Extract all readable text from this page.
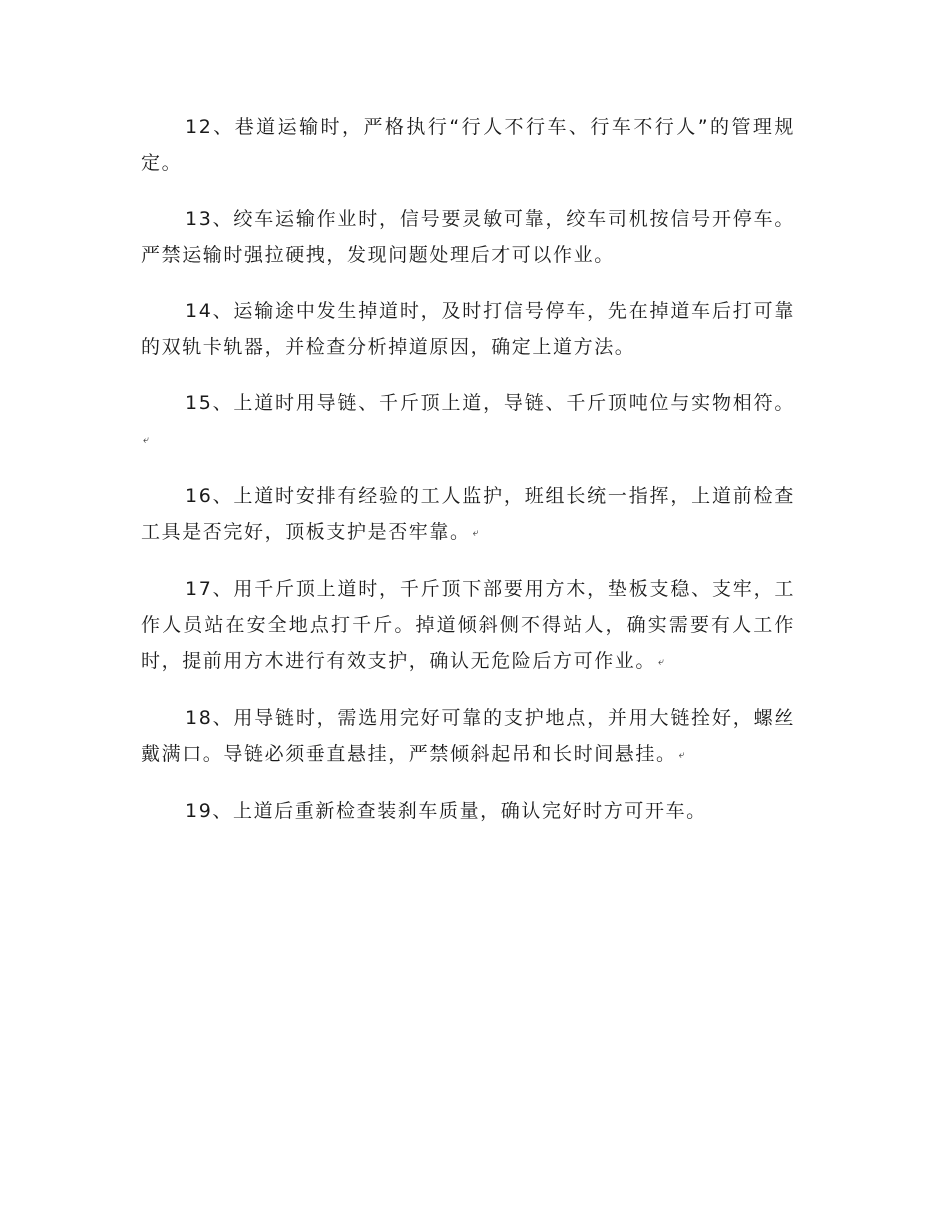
12、巷道运输时，严格执行“行人不行车、行车不行人”的管理规定。

13、绞车运输作业时，信号要灵敏可靠，绞车司机按信号开停车。严禁运输时强拉硬拽，发现问题处理后才可以作业。

14、运输途中发生掉道时，及时打信号停车，先在掉道车后打可靠的双轨卡轨器，并检查分析掉道原因，确定上道方法。

15、上道时用导链、千斤顶上道，导链、千斤顶吨位与实物相符。⤶

16、上道时安排有经验的工人监护，班组长统一指挥，上道前检查工具是否完好，顶板支护是否牢靠。 ⤶

17、用千斤顶上道时，千斤顶下部要用方木，垫板支稳、支牢，工作人员站在安全地点打千斤。掉道倾斜侧不得站人，确实需要有人工作时，提前用方木进行有效支护，确认无危险后方可作业。 ⤶

18、用导链时，需选用完好可靠的支护地点，并用大链拴好，螺丝戴满口。导链必须垂直悬挂，严禁倾斜起吊和长时间悬挂。 ⤶

19、上道后重新检查装刹车质量，确认完好时方可开车。
